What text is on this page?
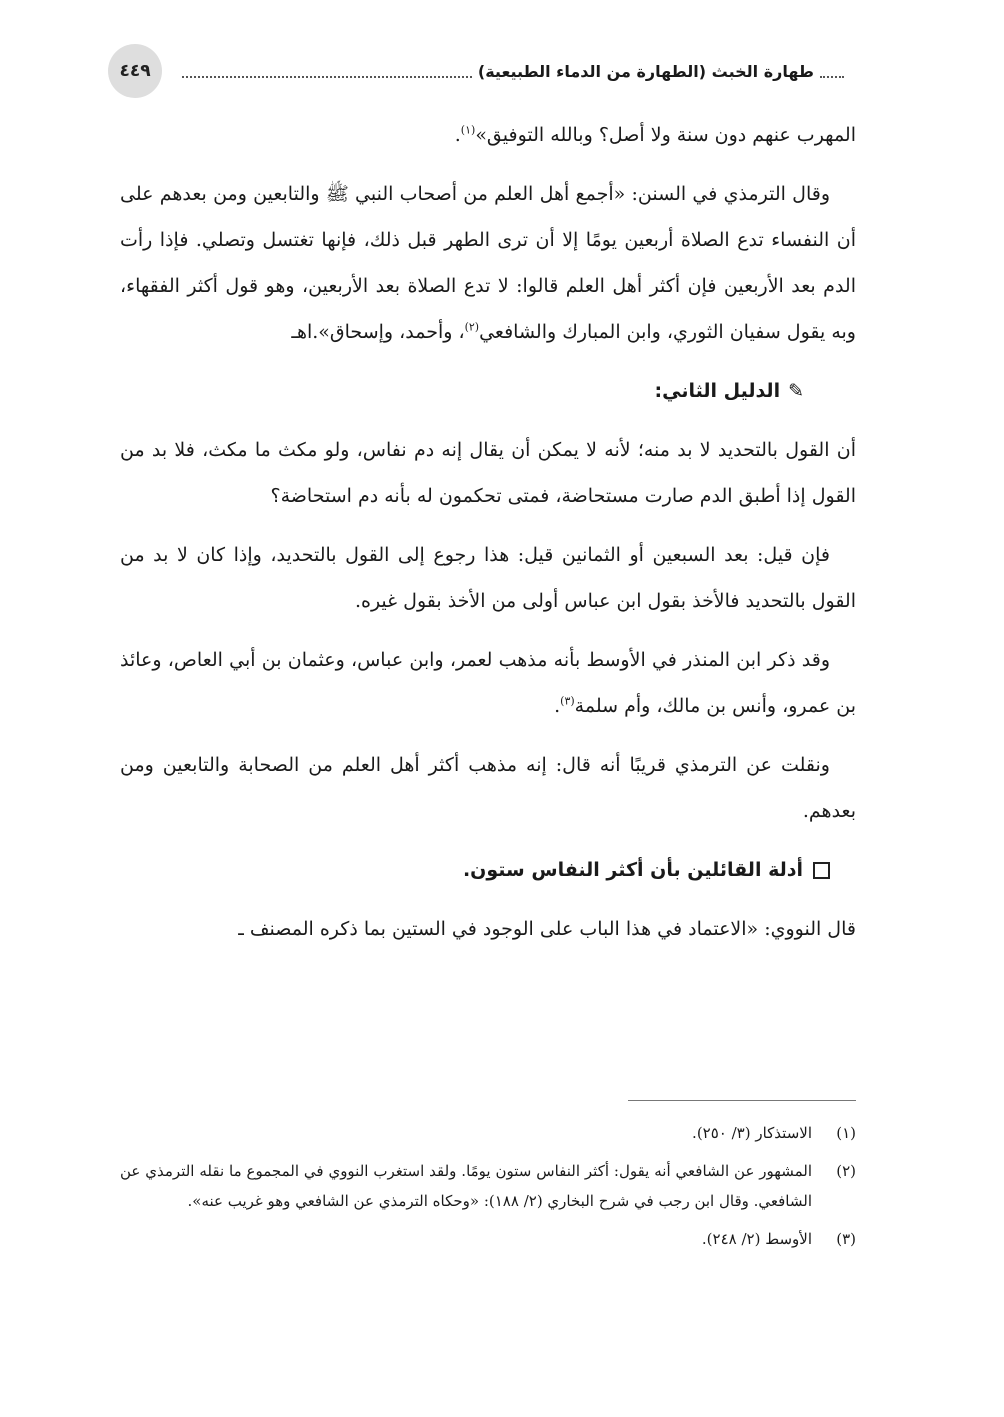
٤٤٩	طهارة الخبث (الطهارة من الدماء الطبيعية)

المهرب عنهم دون سنة ولا أصل؟ وبالله التوفيق»$^{(١)}$.

وقال الترمذي في السنن: «أجمع أهل العلم من أصحاب النبي ﷺ والتابعين ومن بعدهم على أن النفساء تدع الصلاة أربعين يومًا إلا أن ترى الطهر قبل ذلك، فإنها تغتسل وتصلي. فإذا رأت الدم بعد الأربعين فإن أكثر أهل العلم قالوا: لا تدع الصلاة بعد الأربعين، وهو قول أكثر الفقهاء، وبه يقول سفيان الثوري، وابن المبارك والشافعي$^{(٢)}$، وأحمد، وإسحاق».اهـ

✎الدليل الثاني:

أن القول بالتحديد لا بد منه؛ لأنه لا يمكن أن يقال إنه دم نفاس، ولو مكث ما مكث، فلا بد من القول إذا أطبق الدم صارت مستحاضة، فمتى تحكمون له بأنه دم استحاضة؟

فإن قيل: بعد السبعين أو الثمانين قيل: هذا رجوع إلى القول بالتحديد، وإذا كان لا بد من القول بالتحديد فالأخذ بقول ابن عباس أولى من الأخذ بقول غيره.

وقد ذكر ابن المنذر في الأوسط بأنه مذهب لعمر، وابن عباس، وعثمان بن أبي العاص، وعائذ بن عمرو، وأنس بن مالك، وأم سلمة$^{(٣)}$.

ونقلت عن الترمذي قريبًا أنه قال: إنه مذهب أكثر أهل العلم من الصحابة والتابعين ومن بعدهم.

أدلة القائلين بأن أكثر النفاس ستون.

قال النووي: «الاعتماد في هذا الباب على الوجود في الستين بما ذكره المصنف ـ

(١)
الاستذكار (٣/ ٢٥٠).
(٢)
المشهور عن الشافعي أنه يقول: أكثر النفاس ستون يومًا. ولقد استغرب النووي في المجموع ما نقله الترمذي عن الشافعي. وقال ابن رجب في شرح البخاري (٢/ ١٨٨): «وحكاه الترمذي عن الشافعي وهو غريب عنه».
(٣)
الأوسط (٢/ ٢٤٨).
